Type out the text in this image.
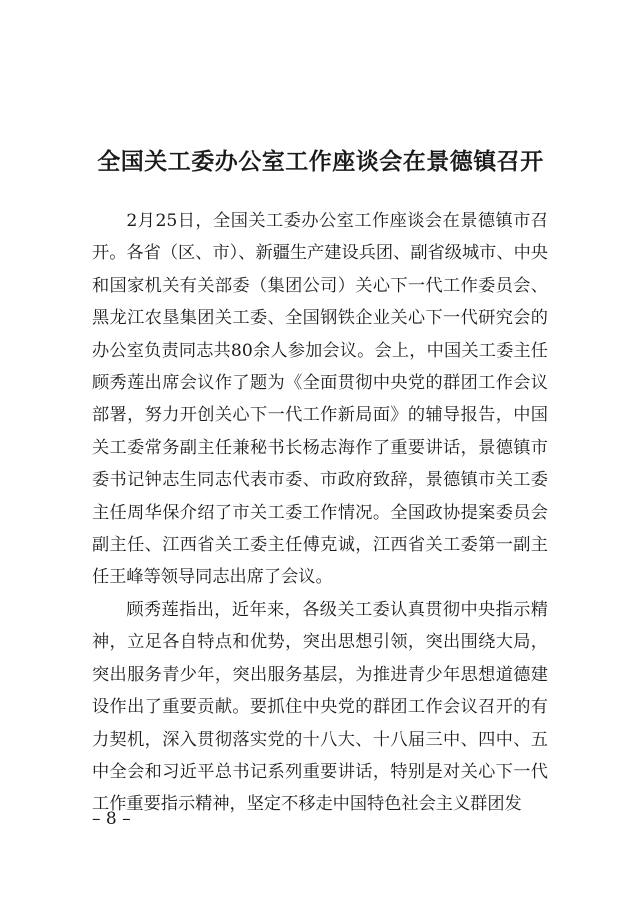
全国关工委办公室工作座谈会在景德镇召开

2月25日，全国关工委办公室工作座谈会在景德镇市召开。各省（区、市）、新疆生产建设兵团、副省级城市、中央和国家机关有关部委（集团公司）关心下一代工作委员会、黑龙江农垦集团关工委、全国钢铁企业关心下一代研究会的办公室负责同志共80余人参加会议。会上，中国关工委主任顾秀莲出席会议作了题为《全面贯彻中央党的群团工作会议部署，努力开创关心下一代工作新局面》的辅导报告，中国关工委常务副主任兼秘书长杨志海作了重要讲话，景德镇市委书记钟志生同志代表市委、市政府致辞，景德镇市关工委主任周华保介绍了市关工委工作情况。全国政协提案委员会副主任、江西省关工委主任傅克诚，江西省关工委第一副主任王峰等领导同志出席了会议。

顾秀莲指出，近年来，各级关工委认真贯彻中央指示精神，立足各自特点和优势，突出思想引领，突出围绕大局，突出服务青少年，突出服务基层，为推进青少年思想道德建设作出了重要贡献。要抓住中央党的群团工作会议召开的有力契机，深入贯彻落实党的十八大、十八届三中、四中、五中全会和习近平总书记系列重要讲话，特别是对关心下一代工作重要指示精神，坚定不移走中国特色社会主义群团发

– 8 –
